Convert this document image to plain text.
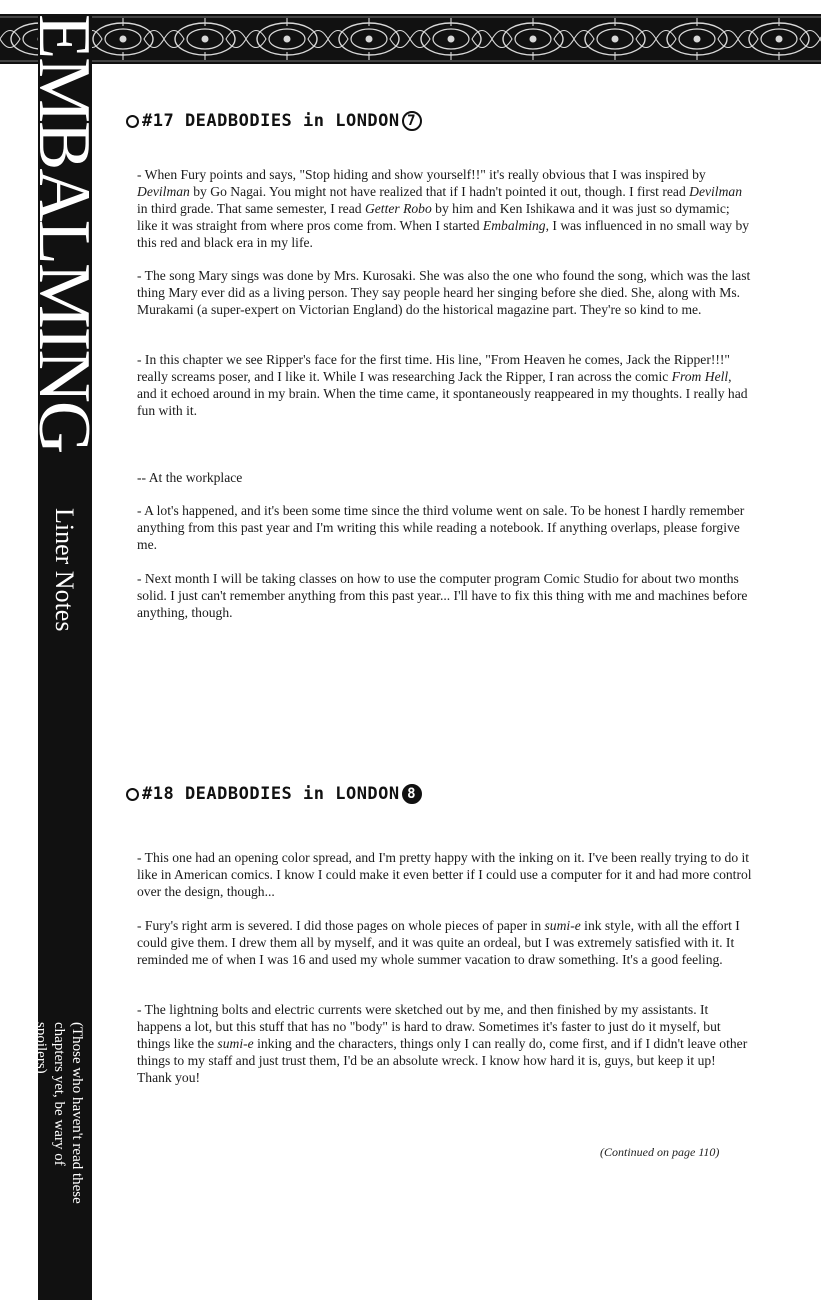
EMBALMING
Liner Notes
(Those who haven't read these chapters yet, be wary of spoilers)
#17 DEADBODIES in LONDON 7

- When Fury points and says, "Stop hiding and show yourself!!" it's really obvious that I was inspired by Devilman by Go Nagai. You might not have realized that if I hadn't pointed it out, though. I first read Devilman in third grade. That same semester, I read Getter Robo by him and Ken Ishikawa and it was just so dymamic; like it was straight from where pros come from. When I started Embalming, I was influenced in no small way by this red and black era in my life.

- The song Mary sings was done by Mrs. Kurosaki. She was also the one who found the song, which was the last thing Mary ever did as a living person. They say people heard her singing before she died. She, along with Ms. Murakami (a super-expert on Victorian England) do the historical magazine part. They're so kind to me.

- In this chapter we see Ripper's face for the first time. His line, "From Heaven he comes, Jack the Ripper!!!" really screams poser, and I like it. While I was researching Jack the Ripper, I ran across the comic From Hell, and it echoed around in my brain. When the time came, it spontaneously reappeared in my thoughts. I really had fun with it.

-- At the workplace

- A lot's happened, and it's been some time since the third volume went on sale. To be honest I hardly remember anything from this past year and I'm writing this while reading a notebook. If anything overlaps, please forgive me.

- Next month I will be taking classes on how to use the computer program Comic Studio for about two months solid. I just can't remember anything from this past year... I'll have to fix this thing with me and machines before anything, though.

#18 DEADBODIES in LONDON 8

- This one had an opening color spread, and I'm pretty happy with the inking on it. I've been really trying to do it like in American comics. I know I could make it even better if I could use a computer for it and had more control over the design, though...

- Fury's right arm is severed. I did those pages on whole pieces of paper in sumi-e ink style, with all the effort I could give them. I drew them all by myself, and it was quite an ordeal, but I was extremely satisfied with it. It reminded me of when I was 16 and used my whole summer vacation to draw something. It's a good feeling.

- The lightning bolts and electric currents were sketched out by me, and then finished by my assistants. It happens a lot, but this stuff that has no "body" is hard to draw. Sometimes it's faster to just do it myself, but things like the sumi-e inking and the characters, things only I can really do, come first, and if I didn't leave other things to my staff and just trust them, I'd be an absolute wreck. I know how hard it is, guys, but keep it up! Thank you!

(Continued on page 110)
